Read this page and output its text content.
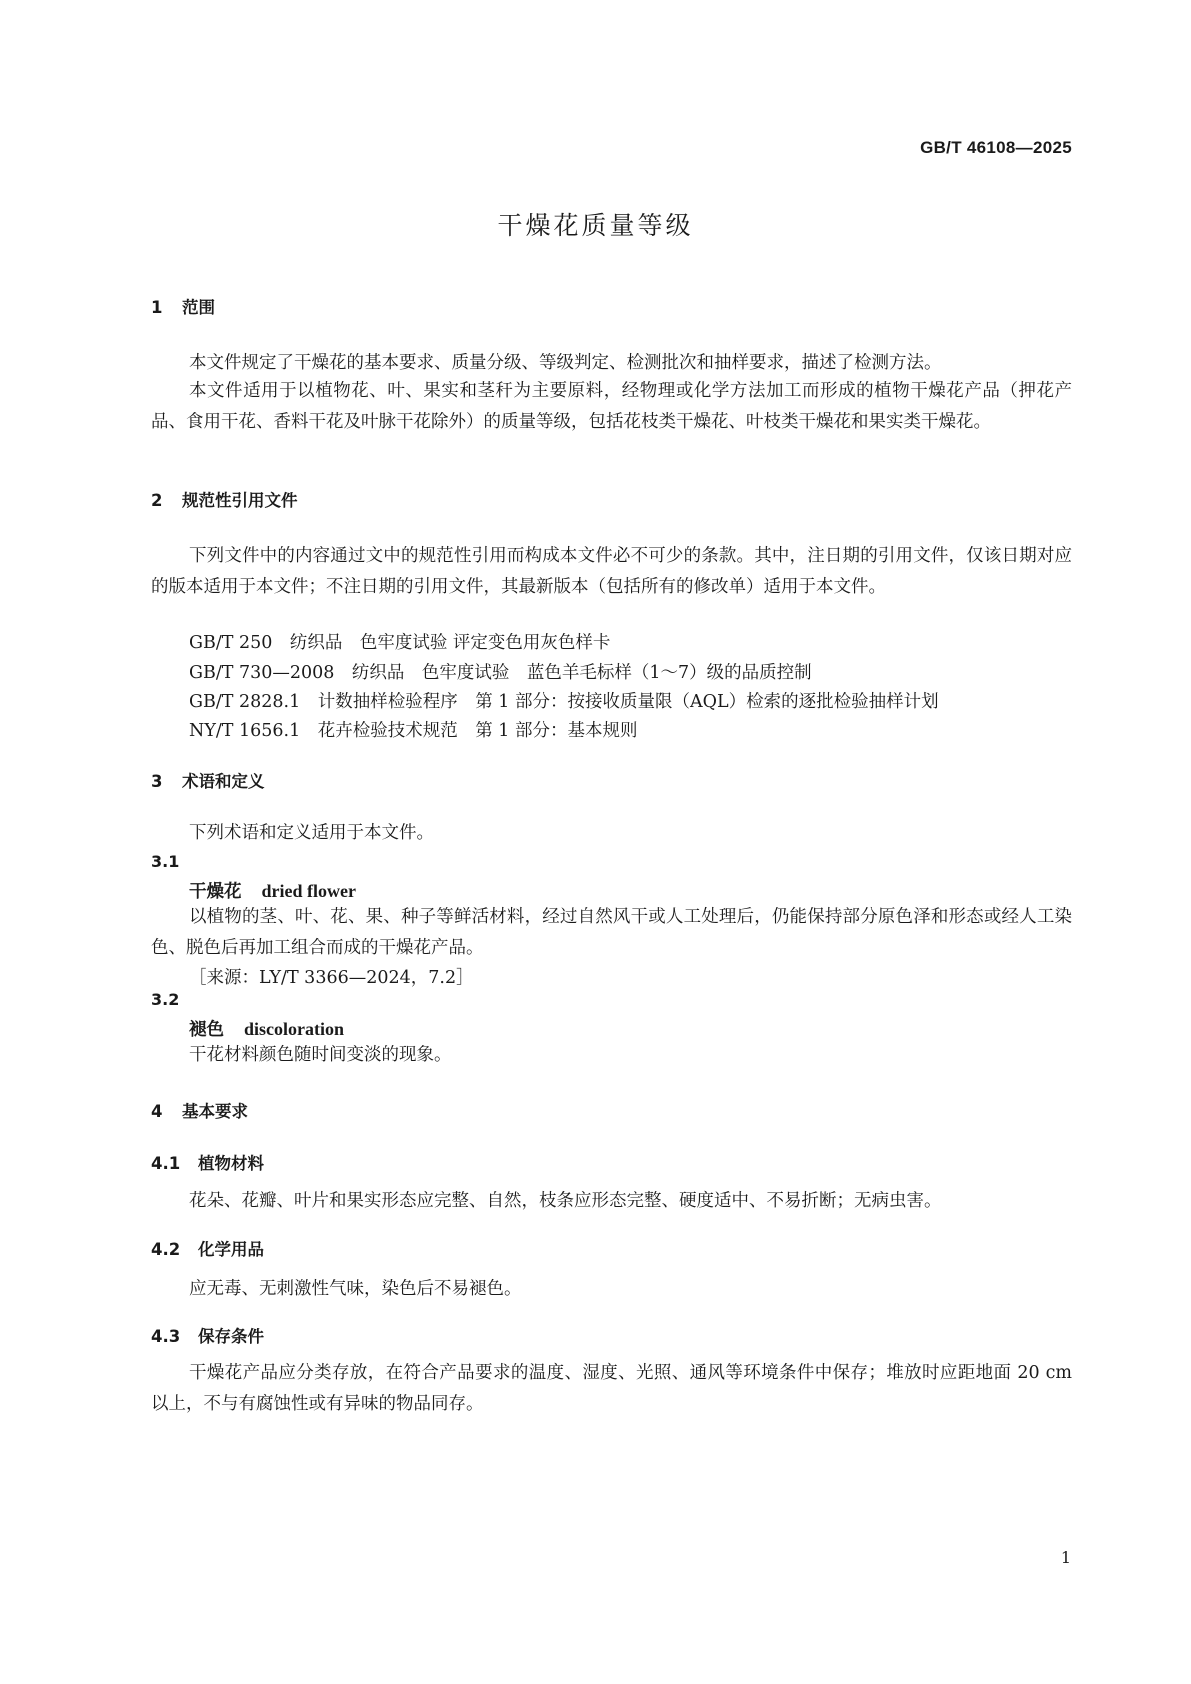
GB/T 46108—2025
干燥花质量等级
1 范围

本文件规定了干燥花的基本要求、质量分级、等级判定、检测批次和抽样要求，描述了检测方法。

本文件适用于以植物花、叶、果实和茎秆为主要原料，经物理或化学方法加工而形成的植物干燥花产品（押花产品、食用干花、香料干花及叶脉干花除外）的质量等级，包括花枝类干燥花、叶枝类干燥花和果实类干燥花。

2 规范性引用文件

下列文件中的内容通过文中的规范性引用而构成本文件必不可少的条款。其中，注日期的引用文件，仅该日期对应的版本适用于本文件；不注日期的引用文件，其最新版本（包括所有的修改单）适用于本文件。

GB/T 250　纺织品　色牢度试验 评定变色用灰色样卡
GB/T 730—2008　纺织品　色牢度试验　蓝色羊毛标样（1～7）级的品质控制
GB/T 2828.1　计数抽样检验程序　第 1 部分：按接收质量限（AQL）检索的逐批检验抽样计划
NY/T 1656.1　花卉检验技术规范　第 1 部分：基本规则
3 术语和定义

下列术语和定义适用于本文件。

3.1
干燥花 dried flower

以植物的茎、叶、花、果、种子等鲜活材料，经过自然风干或人工处理后，仍能保持部分原色泽和形态或经人工染色、脱色后再加工组合而成的干燥花产品。

［来源：LY/T 3366—2024，7.2］
3.2
褪色 discoloration

干花材料颜色随时间变淡的现象。

4 基本要求
4.1 植物材料

花朵、花瓣、叶片和果实形态应完整、自然，枝条应形态完整、硬度适中、不易折断；无病虫害。

4.2 化学用品

应无毒、无刺激性气味，染色后不易褪色。

4.3 保存条件

干燥花产品应分类存放，在符合产品要求的温度、湿度、光照、通风等环境条件中保存；堆放时应距地面 20 cm 以上，不与有腐蚀性或有异味的物品同存。

1
